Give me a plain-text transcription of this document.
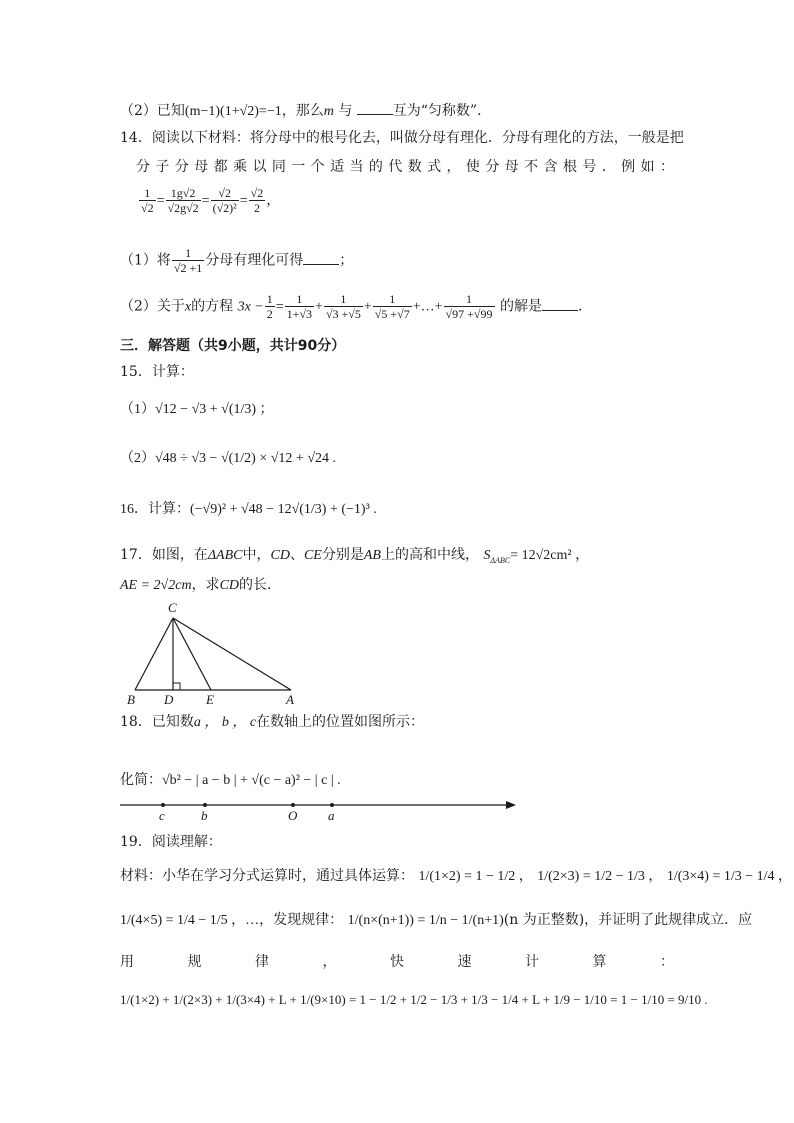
（2）已知(m−1)(1+√2)=−1，那么m 与	互为“匀称数”.
14．阅读以下材料：将分母中的根号化去，叫做分母有理化．分母有理化的方法，一般是把
分 子 分 母 都 乘 以 同 一 个 适 当 的 代 数 式 ， 使 分 母 不 含 根 号 ． 例 如 ：
$\frac{1}{√2} = \frac{1g√2}{√2g√2} = \frac{√2}{\text{(√2)²}} = \frac{√2}{2}$ ，
（1）将 $\frac{1}{√2 +1}$ 分母有理化可得	；
（2）关于x的方程 $3x - \frac{1}{2} = \frac{1}{1+√3} + \frac{1}{√3 +√5} + \frac{1}{√5 +√7}$ +…+ $\frac{1}{√97 +√99}$ 的解是	.
三．解答题（共9小题，共计90分）
15．计算：
（1）√12 − √3 + √(1/3) ；
（2）√48 ÷ √3 − √(1/2) × √12 + √24 .
16．计算：(−√9)² + √48 − 12√(1/3) + (−1)³ .
17．如图，在ΔABC中，CD、CE分别是AB上的高和中线， $S_{\Delta ABC}= 12√2cm^2$ ，
AE = 2√2cm，求CD的长.
C
B D	E	A
18．已知数a ， b ， c在数轴上的位置如图所示：
化简：√b² − | a − b | + √(c − a)² − | c | .
c	b	O a
19．阅读理解：
材料：小华在学习分式运算时，通过具体运算： 1/(1×2) = 1 − 1/2 ， 1/(2×3) = 1/2 − 1/3 ， 1/(3×4) = 1/3 − 1/4 ，
1/(4×5) = 1/4 − 1/5 ，…，发现规律： 1/(n×(n+1)) = 1/n − 1/(n+1)(n 为正整数)，并证明了此规律成立．应
用	规	律	，	快	速	计	算	：
1/(1×2) + 1/(2×3) + 1/(3×4) + L + 1/(9×10) = 1 − 1/2 + 1/2 − 1/3 + 1/3 − 1/4 + L + 1/9 − 1/10 = 1 − 1/10 = 9/10 .
